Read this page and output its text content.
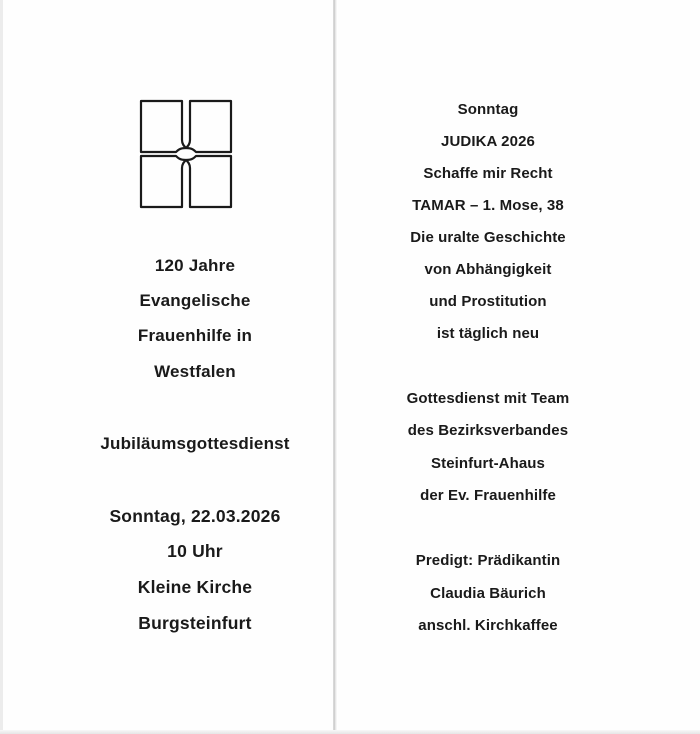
120 Jahre
Evangelische
Frauenhilfe in
Westfalen
Jubiläumsgottesdienst
Sonntag, 22.03.2026
10 Uhr
Kleine Kirche
Burgsteinfurt
Sonntag
JUDIKA 2026
Schaffe mir Recht
TAMAR – 1. Mose, 38
Die uralte Geschichte
von Abhängigkeit
und Prostitution
ist täglich neu
Gottesdienst mit Team
des Bezirksverbandes
Steinfurt-Ahaus
der Ev. Frauenhilfe
Predigt: Prädikantin
Claudia Bäurich
anschl. Kirchkaffee
